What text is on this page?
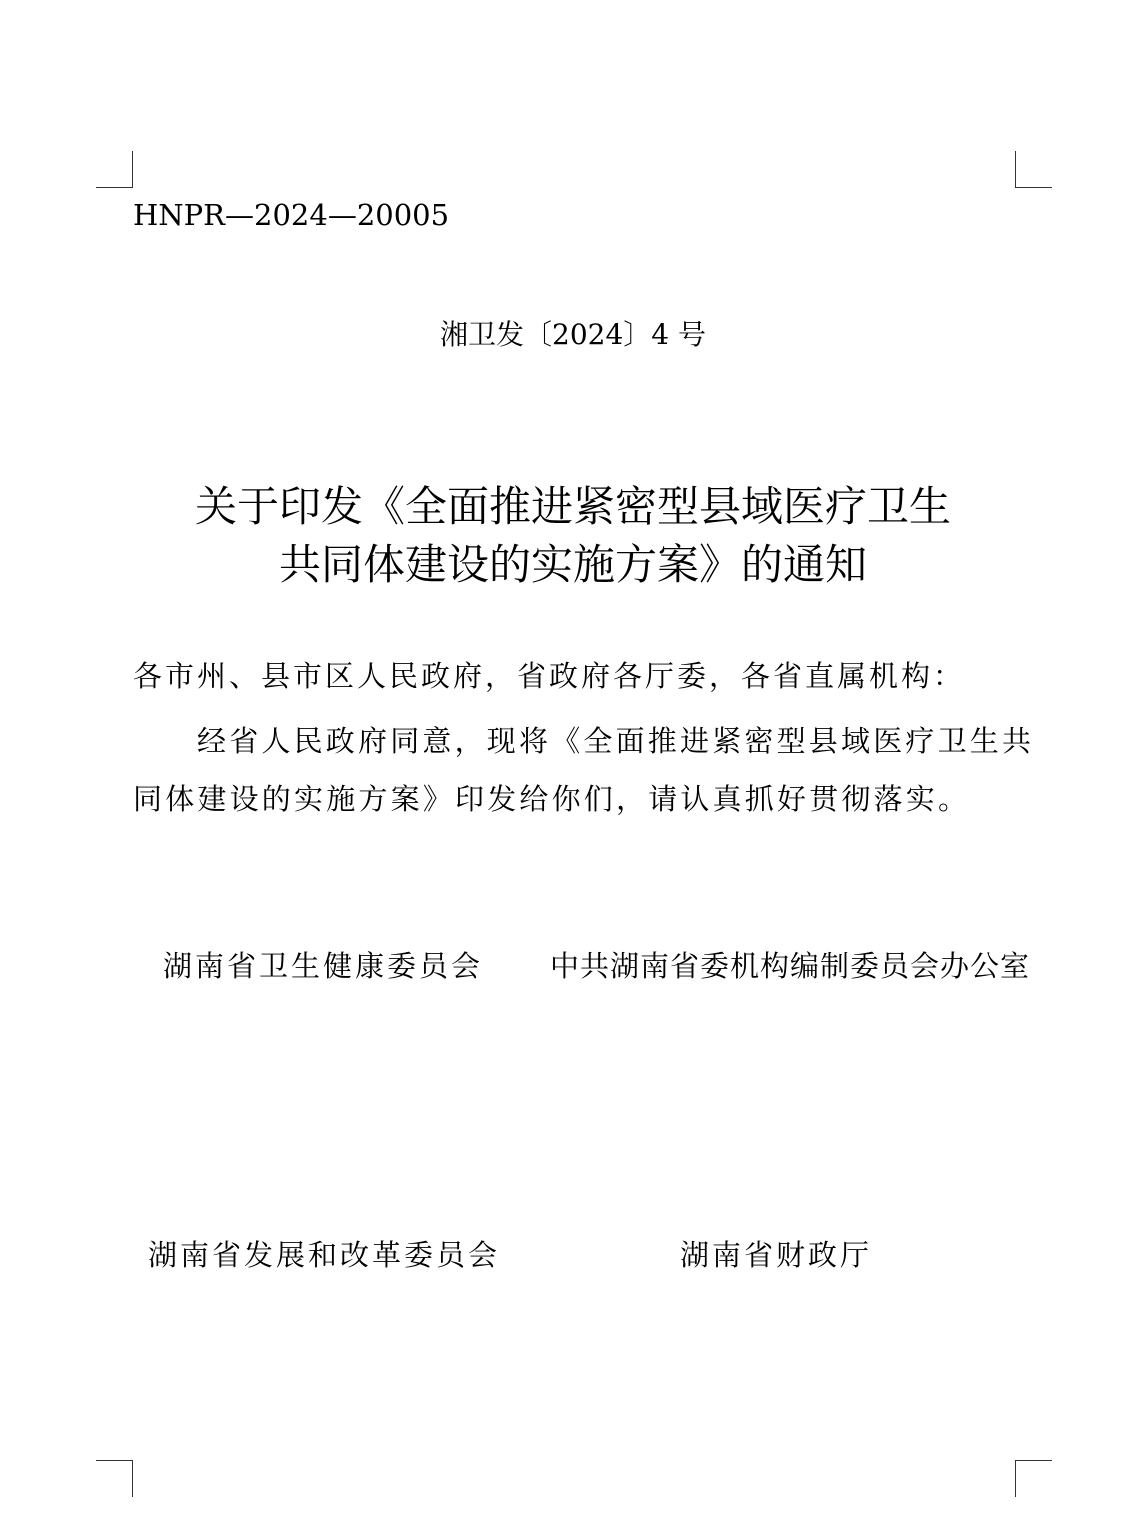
HNPR—2024—20005
湘卫发〔2024〕4 号
关于印发《全面推进紧密型县域医疗卫生
共同体建设的实施方案》的通知
各市州、县市区人民政府，省政府各厅委，各省直属机构：
经省人民政府同意，现将《全面推进紧密型县域医疗卫生共
同体建设的实施方案》印发给你们，请认真抓好贯彻落实。
湖南省卫生健康委员会 中共湖南省委机构编制委员会办公室
湖南省发展和改革委员会	湖南省财政厅
